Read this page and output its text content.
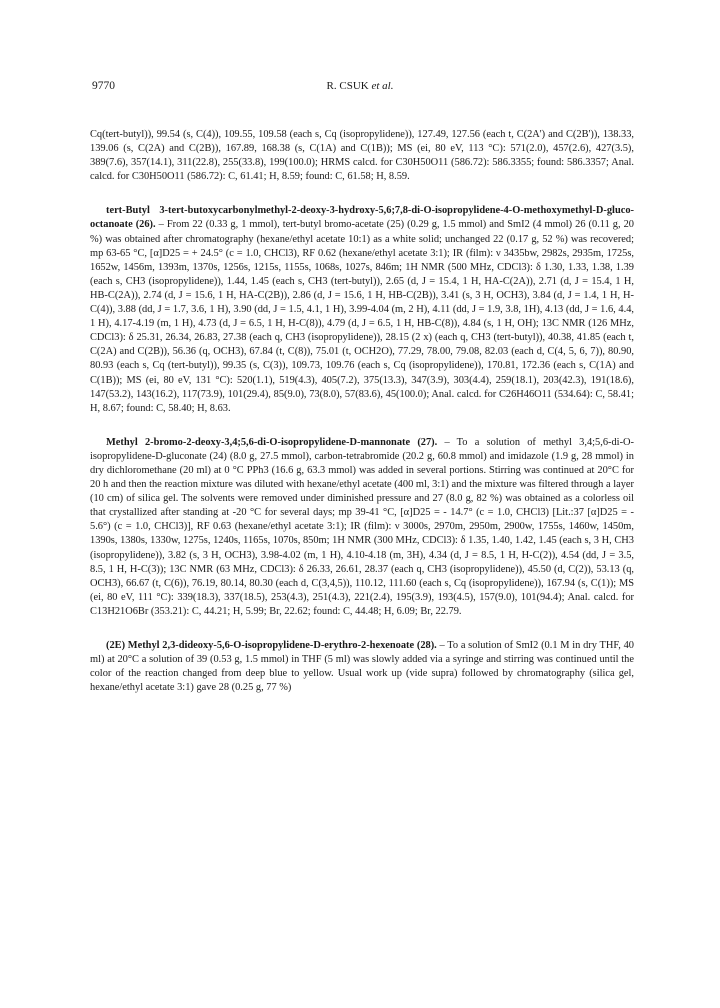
9770	R. CSUK et al.

Cq(tert-butyl)), 99.54 (s, C(4)), 109.55, 109.58 (each s, Cq (isopropylidene)), 127.49, 127.56 (each t, C(2A') and C(2B')), 138.33, 139.06 (s, C(2A) and C(2B)), 167.89, 168.38 (s, C(1A) and C(1B)); MS (ei, 80 eV, 113 °C): 571(2.0), 457(2.6), 427(3.5), 389(7.6), 357(14.1), 311(22.8), 255(33.8), 199(100.0); HRMS calcd. for C30H50O11 (586.72): 586.3355; found: 586.3357; Anal. calcd. for C30H50O11 (586.72): C, 61.41; H, 8.59; found: C, 61.58; H, 8.59.

tert-Butyl 3-tert-butoxycarbonylmethyl-2-deoxy-3-hydroxy-5,6;7,8-di-O-isopropylidene-4-O-methoxymethyl-D-gluco-octanoate (26). – From 22 (0.33 g, 1 mmol), tert-butyl bromo-acetate (25) (0.29 g, 1.5 mmol) and SmI2 (4 mmol) 26 (0.11 g, 20 %) was obtained after chromatography (hexane/ethyl acetate 10:1) as a white solid; unchanged 22 (0.17 g, 52 %) was recovered; mp 63-65 °C, [α]D25 = + 24.5° (c = 1.0, CHCl3), RF 0.62 (hexane/ethyl acetate 3:1); IR (film): ν 3435bw, 2982s, 2935m, 1725s, 1652w, 1456m, 1393m, 1370s, 1256s, 1215s, 1155s, 1068s, 1027s, 846m; 1H NMR (500 MHz, CDCl3): δ 1.30, 1.33, 1.38, 1.39 (each s, CH3 (isopropylidene)), 1.44, 1.45 (each s, CH3 (tert-butyl)), 2.65 (d, J = 15.4, 1 H, HA-C(2A)), 2.71 (d, J = 15.4, 1 H, HB-C(2A)), 2.74 (d, J = 15.6, 1 H, HA-C(2B)), 2.86 (d, J = 15.6, 1 H, HB-C(2B)), 3.41 (s, 3 H, OCH3), 3.84 (d, J = 1.4, 1 H, H-C(4)), 3.88 (dd, J = 1.7, 3.6, 1 H), 3.90 (dd, J = 1.5, 4.1, 1 H), 3.99-4.04 (m, 2 H), 4.11 (dd, J = 1.9, 3.8, 1H), 4.13 (dd, J = 1.6, 4.4, 1 H), 4.17-4.19 (m, 1 H), 4.73 (d, J = 6.5, 1 H, H-C(8)), 4.79 (d, J = 6.5, 1 H, HB-C(8)), 4.84 (s, 1 H, OH); 13C NMR (126 MHz, CDCl3): δ 25.31, 26.34, 26.83, 27.38 (each q, CH3 (isopropylidene)), 28.15 (2 x) (each q, CH3 (tert-butyl)), 40.38, 41.85 (each t, C(2A) and C(2B)), 56.36 (q, OCH3), 67.84 (t, C(8)), 75.01 (t, OCH2O), 77.29, 78.00, 79.08, 82.03 (each d, C(4, 5, 6, 7)), 80.90, 80.93 (each s, Cq (tert-butyl)), 99.35 (s, C(3)), 109.73, 109.76 (each s, Cq (isopropylidene)), 170.81, 172.36 (each s, C(1A) and C(1B)); MS (ei, 80 eV, 131 °C): 520(1.1), 519(4.3), 405(7.2), 375(13.3), 347(3.9), 303(4.4), 259(18.1), 203(42.3), 191(18.6), 147(53.2), 143(16.2), 117(73.9), 101(29.4), 85(9.0), 73(8.0), 57(83.6), 45(100.0); Anal. calcd. for C26H46O11 (534.64): C, 58.41; H, 8.67; found: C, 58.40; H, 8.63.

Methyl 2-bromo-2-deoxy-3,4;5,6-di-O-isopropylidene-D-mannonate (27). – To a solution of methyl 3,4;5,6-di-O-isopropylidene-D-gluconate (24) (8.0 g, 27.5 mmol), carbon-tetrabromide (20.2 g, 60.8 mmol) and imidazole (1.9 g, 28 mmol) in dry dichloromethane (20 ml) at 0 °C PPh3 (16.6 g, 63.3 mmol) was added in several portions. Stirring was continued at 20°C for 20 h and then the reaction mixture was diluted with hexane/ethyl acetate (400 ml, 3:1) and the mixture was filtered through a layer (10 cm) of silica gel. The solvents were removed under diminished pressure and 27 (8.0 g, 82 %) was obtained as a colorless oil that crystallized after standing at -20 °C for several days; mp 39-41 °C, [α]D25 = - 14.7° (c = 1.0, CHCl3) [Lit.:37 [α]D25 = - 5.6°) (c = 1.0, CHCl3)], RF 0.63 (hexane/ethyl acetate 3:1); IR (film): ν 3000s, 2970m, 2950m, 2900w, 1755s, 1460w, 1450m, 1390s, 1380s, 1330w, 1275s, 1240s, 1165s, 1070s, 850m; 1H NMR (300 MHz, CDCl3): δ 1.35, 1.40, 1.42, 1.45 (each s, 3 H, CH3 (isopropylidene)), 3.82 (s, 3 H, OCH3), 3.98-4.02 (m, 1 H), 4.10-4.18 (m, 3H), 4.34 (d, J = 8.5, 1 H, H-C(2)), 4.54 (dd, J = 3.5, 8.5, 1 H, H-C(3)); 13C NMR (63 MHz, CDCl3): δ 26.33, 26.61, 28.37 (each q, CH3 (isopropylidene)), 45.50 (d, C(2)), 53.13 (q, OCH3), 66.67 (t, C(6)), 76.19, 80.14, 80.30 (each d, C(3,4,5)), 110.12, 111.60 (each s, Cq (isopropylidene)), 167.94 (s, C(1)); MS (ei, 80 eV, 111 °C): 339(18.3), 337(18.5), 253(4.3), 251(4.3), 221(2.4), 195(3.9), 193(4.5), 157(9.0), 101(94.4); Anal. calcd. for C13H21O6Br (353.21): C, 44.21; H, 5.99; Br, 22.62; found: C, 44.48; H, 6.09; Br, 22.79.

(2E) Methyl 2,3-dideoxy-5,6-O-isopropylidene-D-erythro-2-hexenoate (28). – To a solution of SmI2 (0.1 M in dry THF, 40 ml) at 20°C a solution of 39 (0.53 g, 1.5 mmol) in THF (5 ml) was slowly added via a syringe and stirring was continued until the color of the reaction changed from deep blue to yellow. Usual work up (vide supra) followed by chromatography (silica gel, hexane/ethyl acetate 3:1) gave 28 (0.25 g, 77 %)
